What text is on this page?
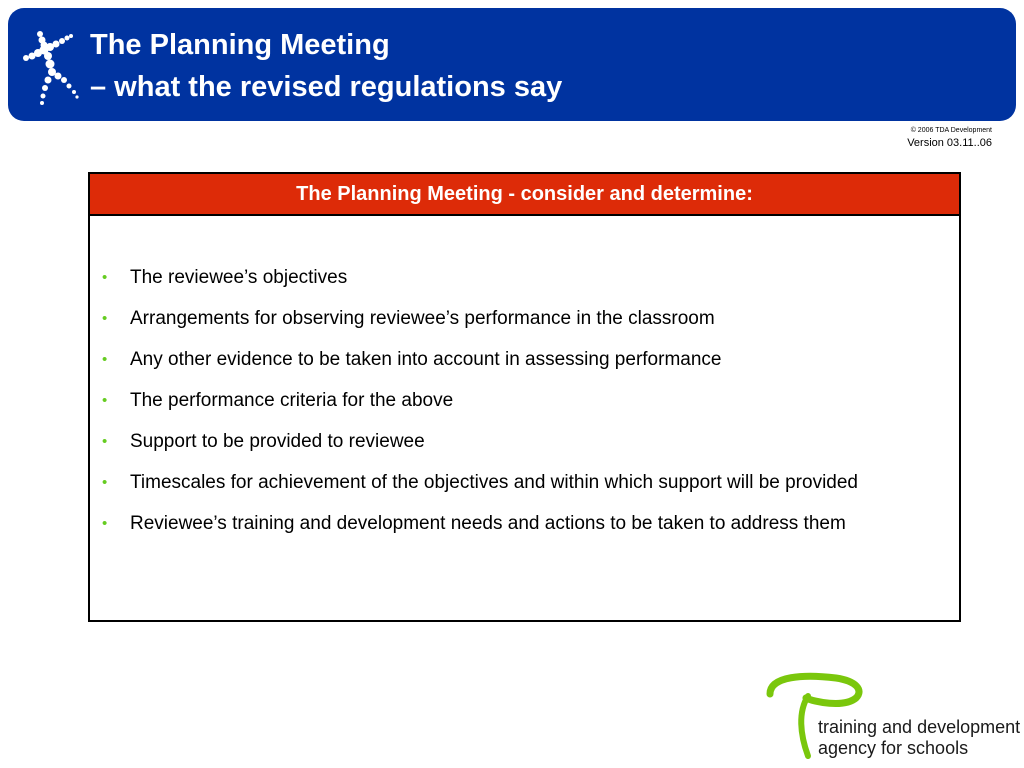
The Planning Meeting
– what the revised regulations say
© 2006 TDA Development
Version 03.11..06
The Planning Meeting - consider and determine:
• The reviewee’s objectives
• Arrangements for observing reviewee’s performance in the classroom
• Any other evidence to be taken into account in assessing performance
• The performance criteria for the above
• Support to be provided to reviewee
• Timescales for achievement of the objectives and within which support will be provided
• Reviewee’s training and development needs and actions to be taken to address them
training and development
agency for schools
